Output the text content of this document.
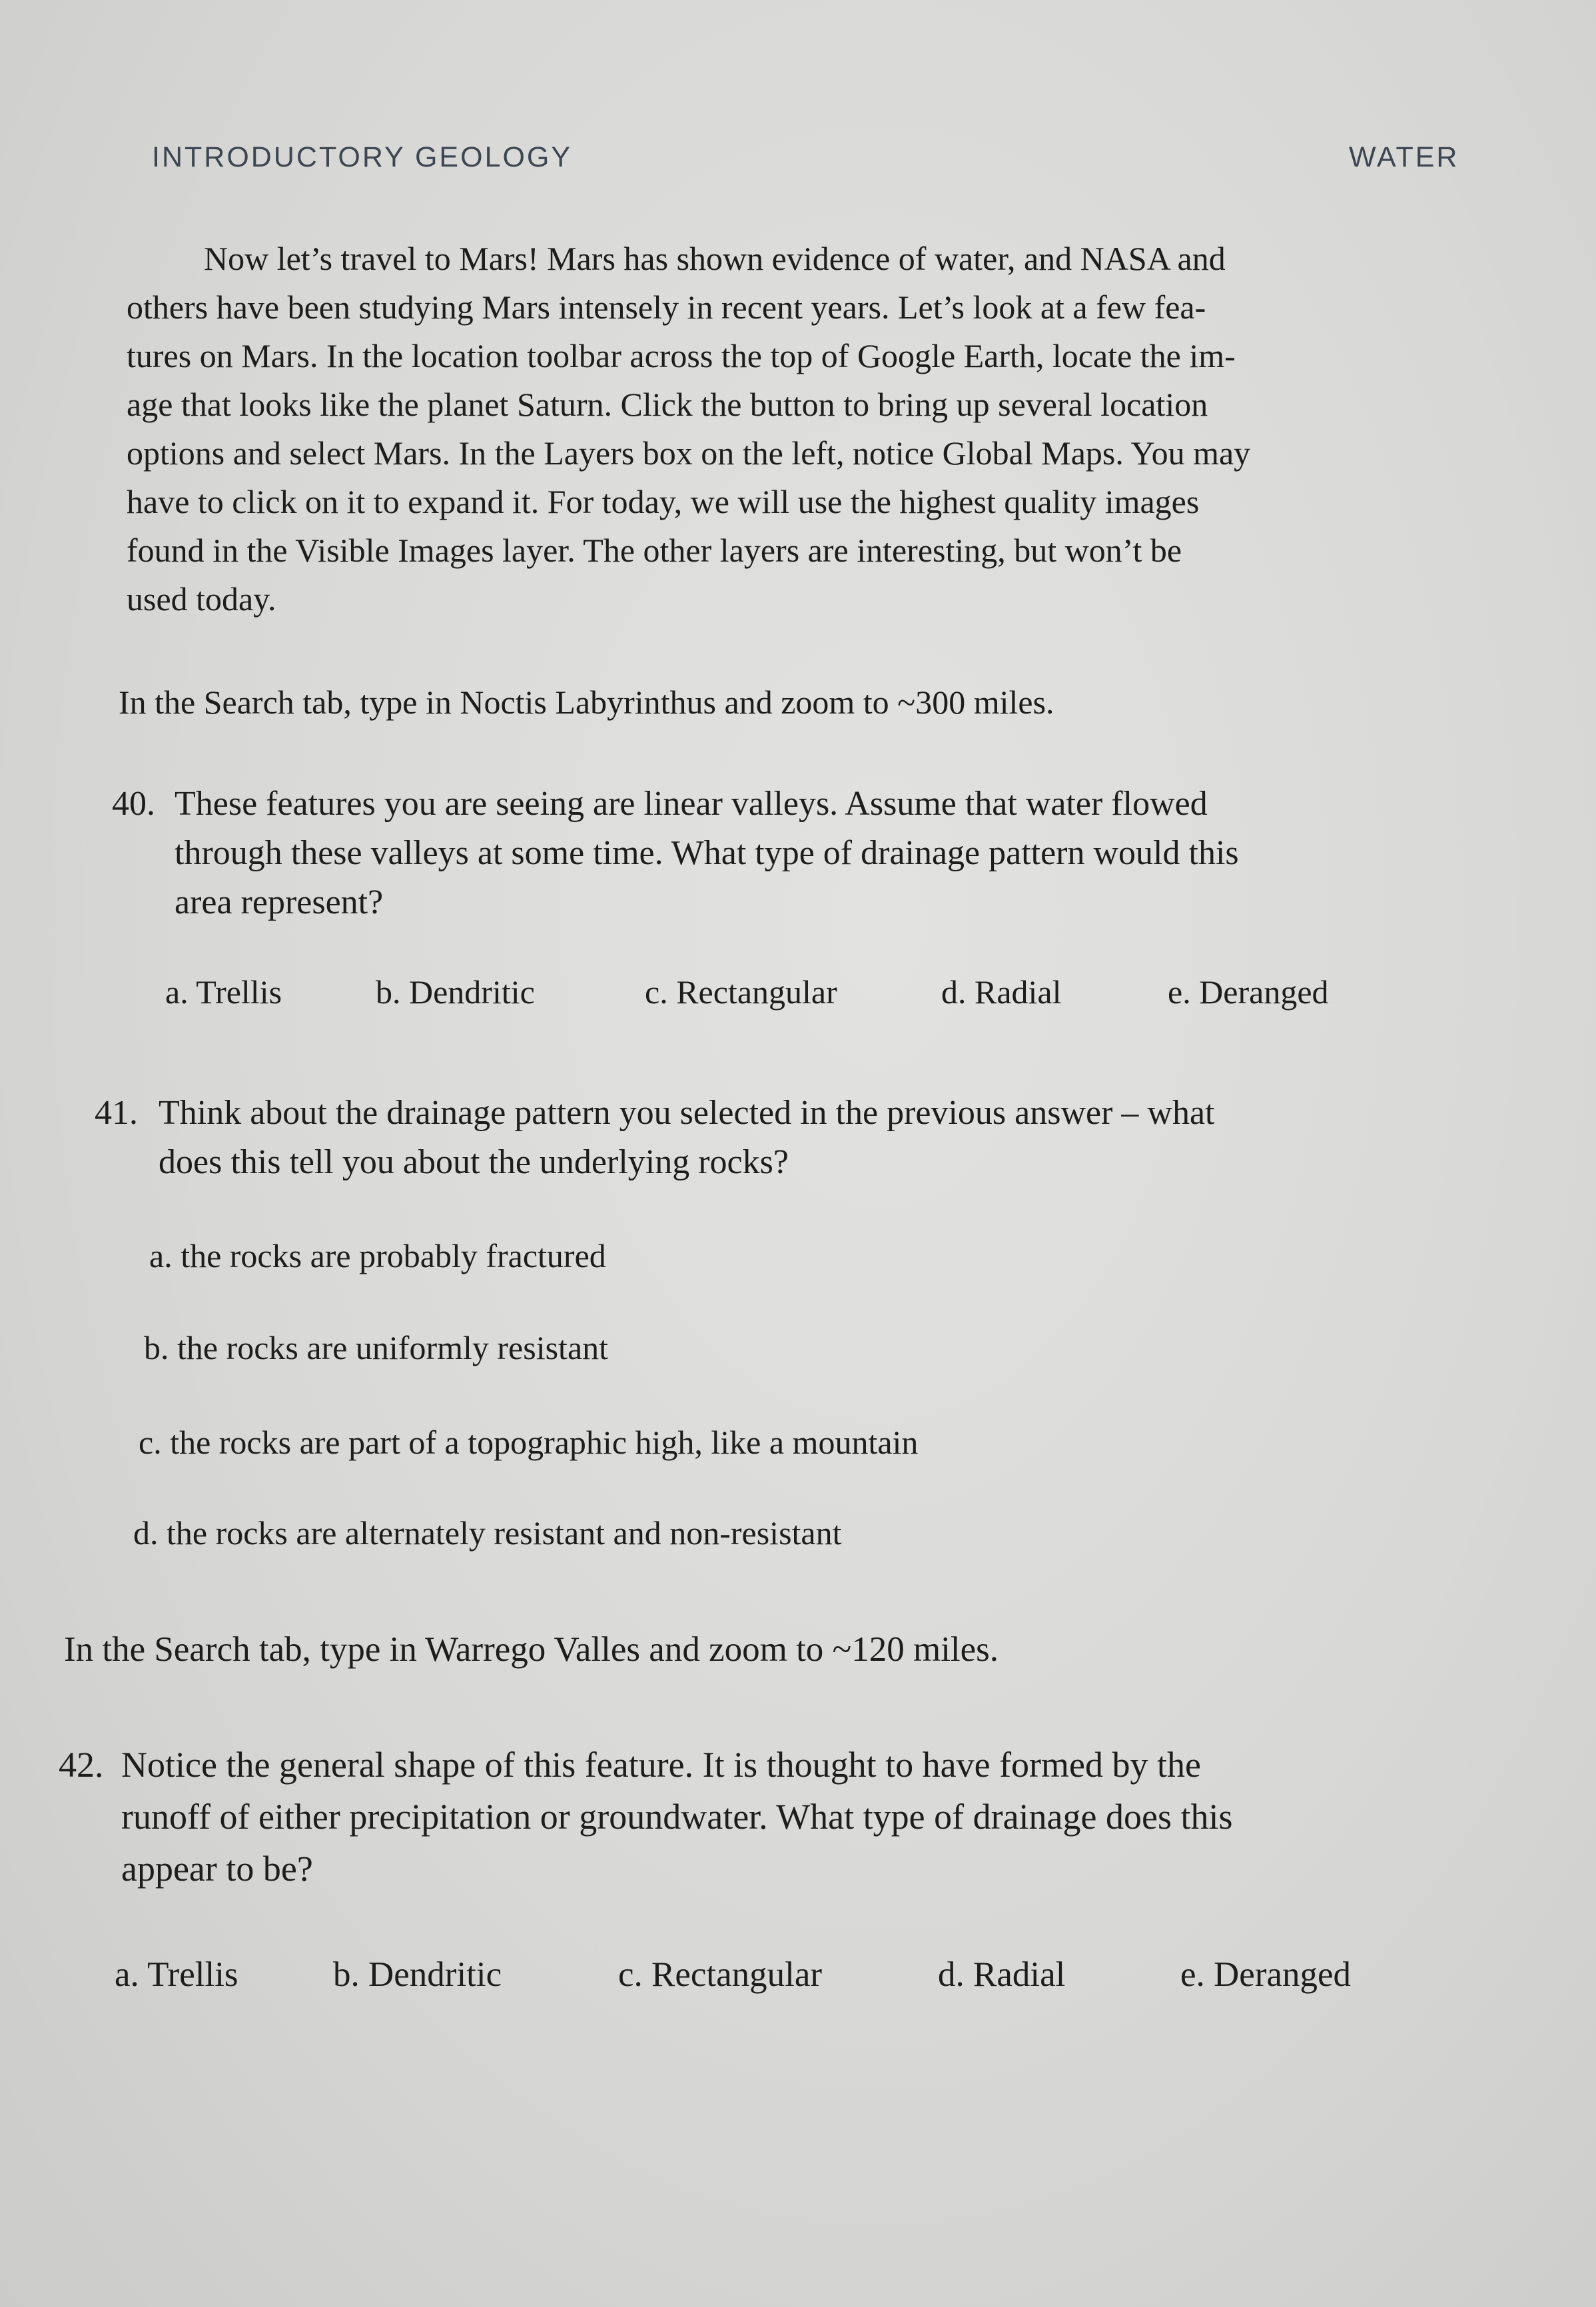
INTRODUCTORY GEOLOGY	WATER
Now let’s travel to Mars! Mars has shown evidence of water, and NASA and
others have been studying Mars intensely in recent years. Let’s look at a few fea-
tures on Mars. In the location toolbar across the top of Google Earth, locate the im-
age that looks like the planet Saturn. Click the button to bring up several location
options and select Mars. In the Layers box on the left, notice Global Maps. You may
have to click on it to expand it. For today, we will use the highest quality images
found in the Visible Images layer. The other layers are interesting, but won’t be
used today.
In the Search tab, type in Noctis Labyrinthus and zoom to ~300 miles.
40. These features you are seeing are linear valleys. Assume that water flowed
through these valleys at some time. What type of drainage pattern would this
area represent?
a. Trellis	b. Dendritic	c. Rectangular	d. Radial	e. Deranged
41. Think about the drainage pattern you selected in the previous answer – what
does this tell you about the underlying rocks?
a. the rocks are probably fractured
b. the rocks are uniformly resistant
c. the rocks are part of a topographic high, like a mountain
d. the rocks are alternately resistant and non-resistant
In the Search tab, type in Warrego Valles and zoom to ~120 miles.
42. Notice the general shape of this feature. It is thought to have formed by the
runoff of either precipitation or groundwater. What type of drainage does this
appear to be?
a. Trellis	b. Dendritic	c. Rectangular	d. Radial	e. Deranged
